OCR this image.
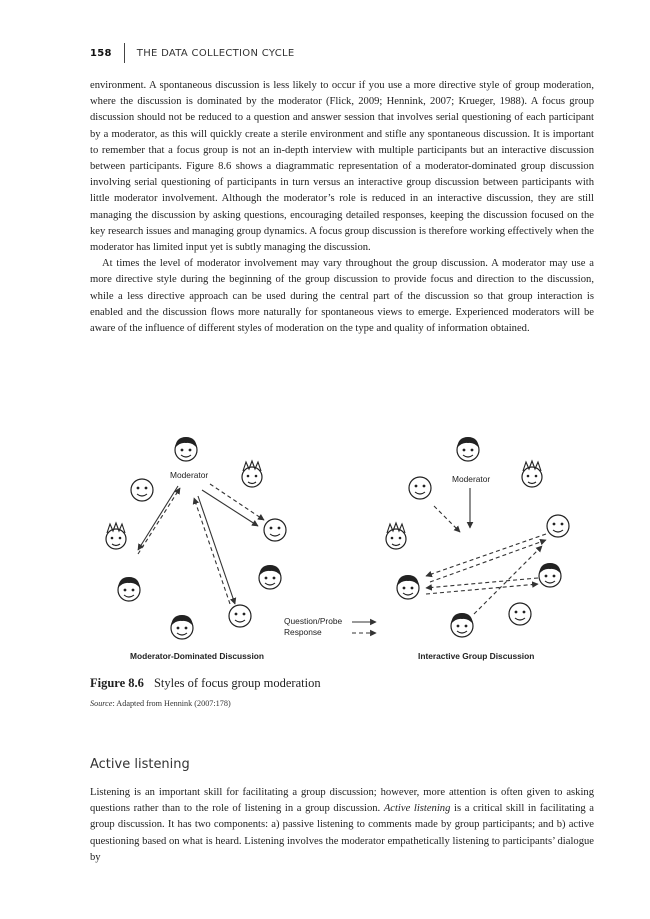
158	THE DATA COLLECTION CYCLE

environment. A spontaneous discussion is less likely to occur if you use a more directive style of group moderation, where the discussion is dominated by the moderator (Flick, 2009; Hennink, 2007; Krueger, 1988). A focus group discussion should not be reduced to a question and answer session that involves serial questioning of each participant by a moderator, as this will quickly create a sterile environment and stifle any spontaneous discussion. It is important to remember that a focus group is not an in-depth interview with multiple participants but an interactive discussion between participants. Figure 8.6 shows a diagrammatic representation of a moderator-dominated group discussion involving serial questioning of participants in turn versus an interactive group discussion between participants with little moderator involvement. Although the moderator’s role is reduced in an interactive discussion, they are still managing the discussion by asking questions, encouraging detailed responses, keeping the discussion focused on the key research issues and managing group dynamics. A focus group discussion is therefore working effectively when the moderator has limited input yet is subtly managing the discussion.

At times the level of moderator involvement may vary throughout the group discussion. A moderator may use a more directive style during the beginning of the group discussion to provide focus and direction to the discussion, while a less directive approach can be used during the central part of the discussion so that group interaction is enabled and the discussion flows more naturally for spontaneous views to emerge. Experienced moderators will be aware of the influence of different styles of moderation on the type and quality of information obtained.

Moderator	Moderator
Question/Probe
Response
Moderator-Dominated Discussion	Interactive Group Discussion
Figure 8.6 Styles of focus group moderation
Source: Adapted from Hennink (2007:178)
Active listening

Listening is an important skill for facilitating a group discussion; however, more attention is often given to asking questions rather than to the role of listening in a group discussion. Active listening is a critical skill in facilitating a group discussion. It has two components: a) passive listening to comments made by group participants; and b) active questioning based on what is heard. Listening involves the moderator empathetically listening to participants’ dialogue by
